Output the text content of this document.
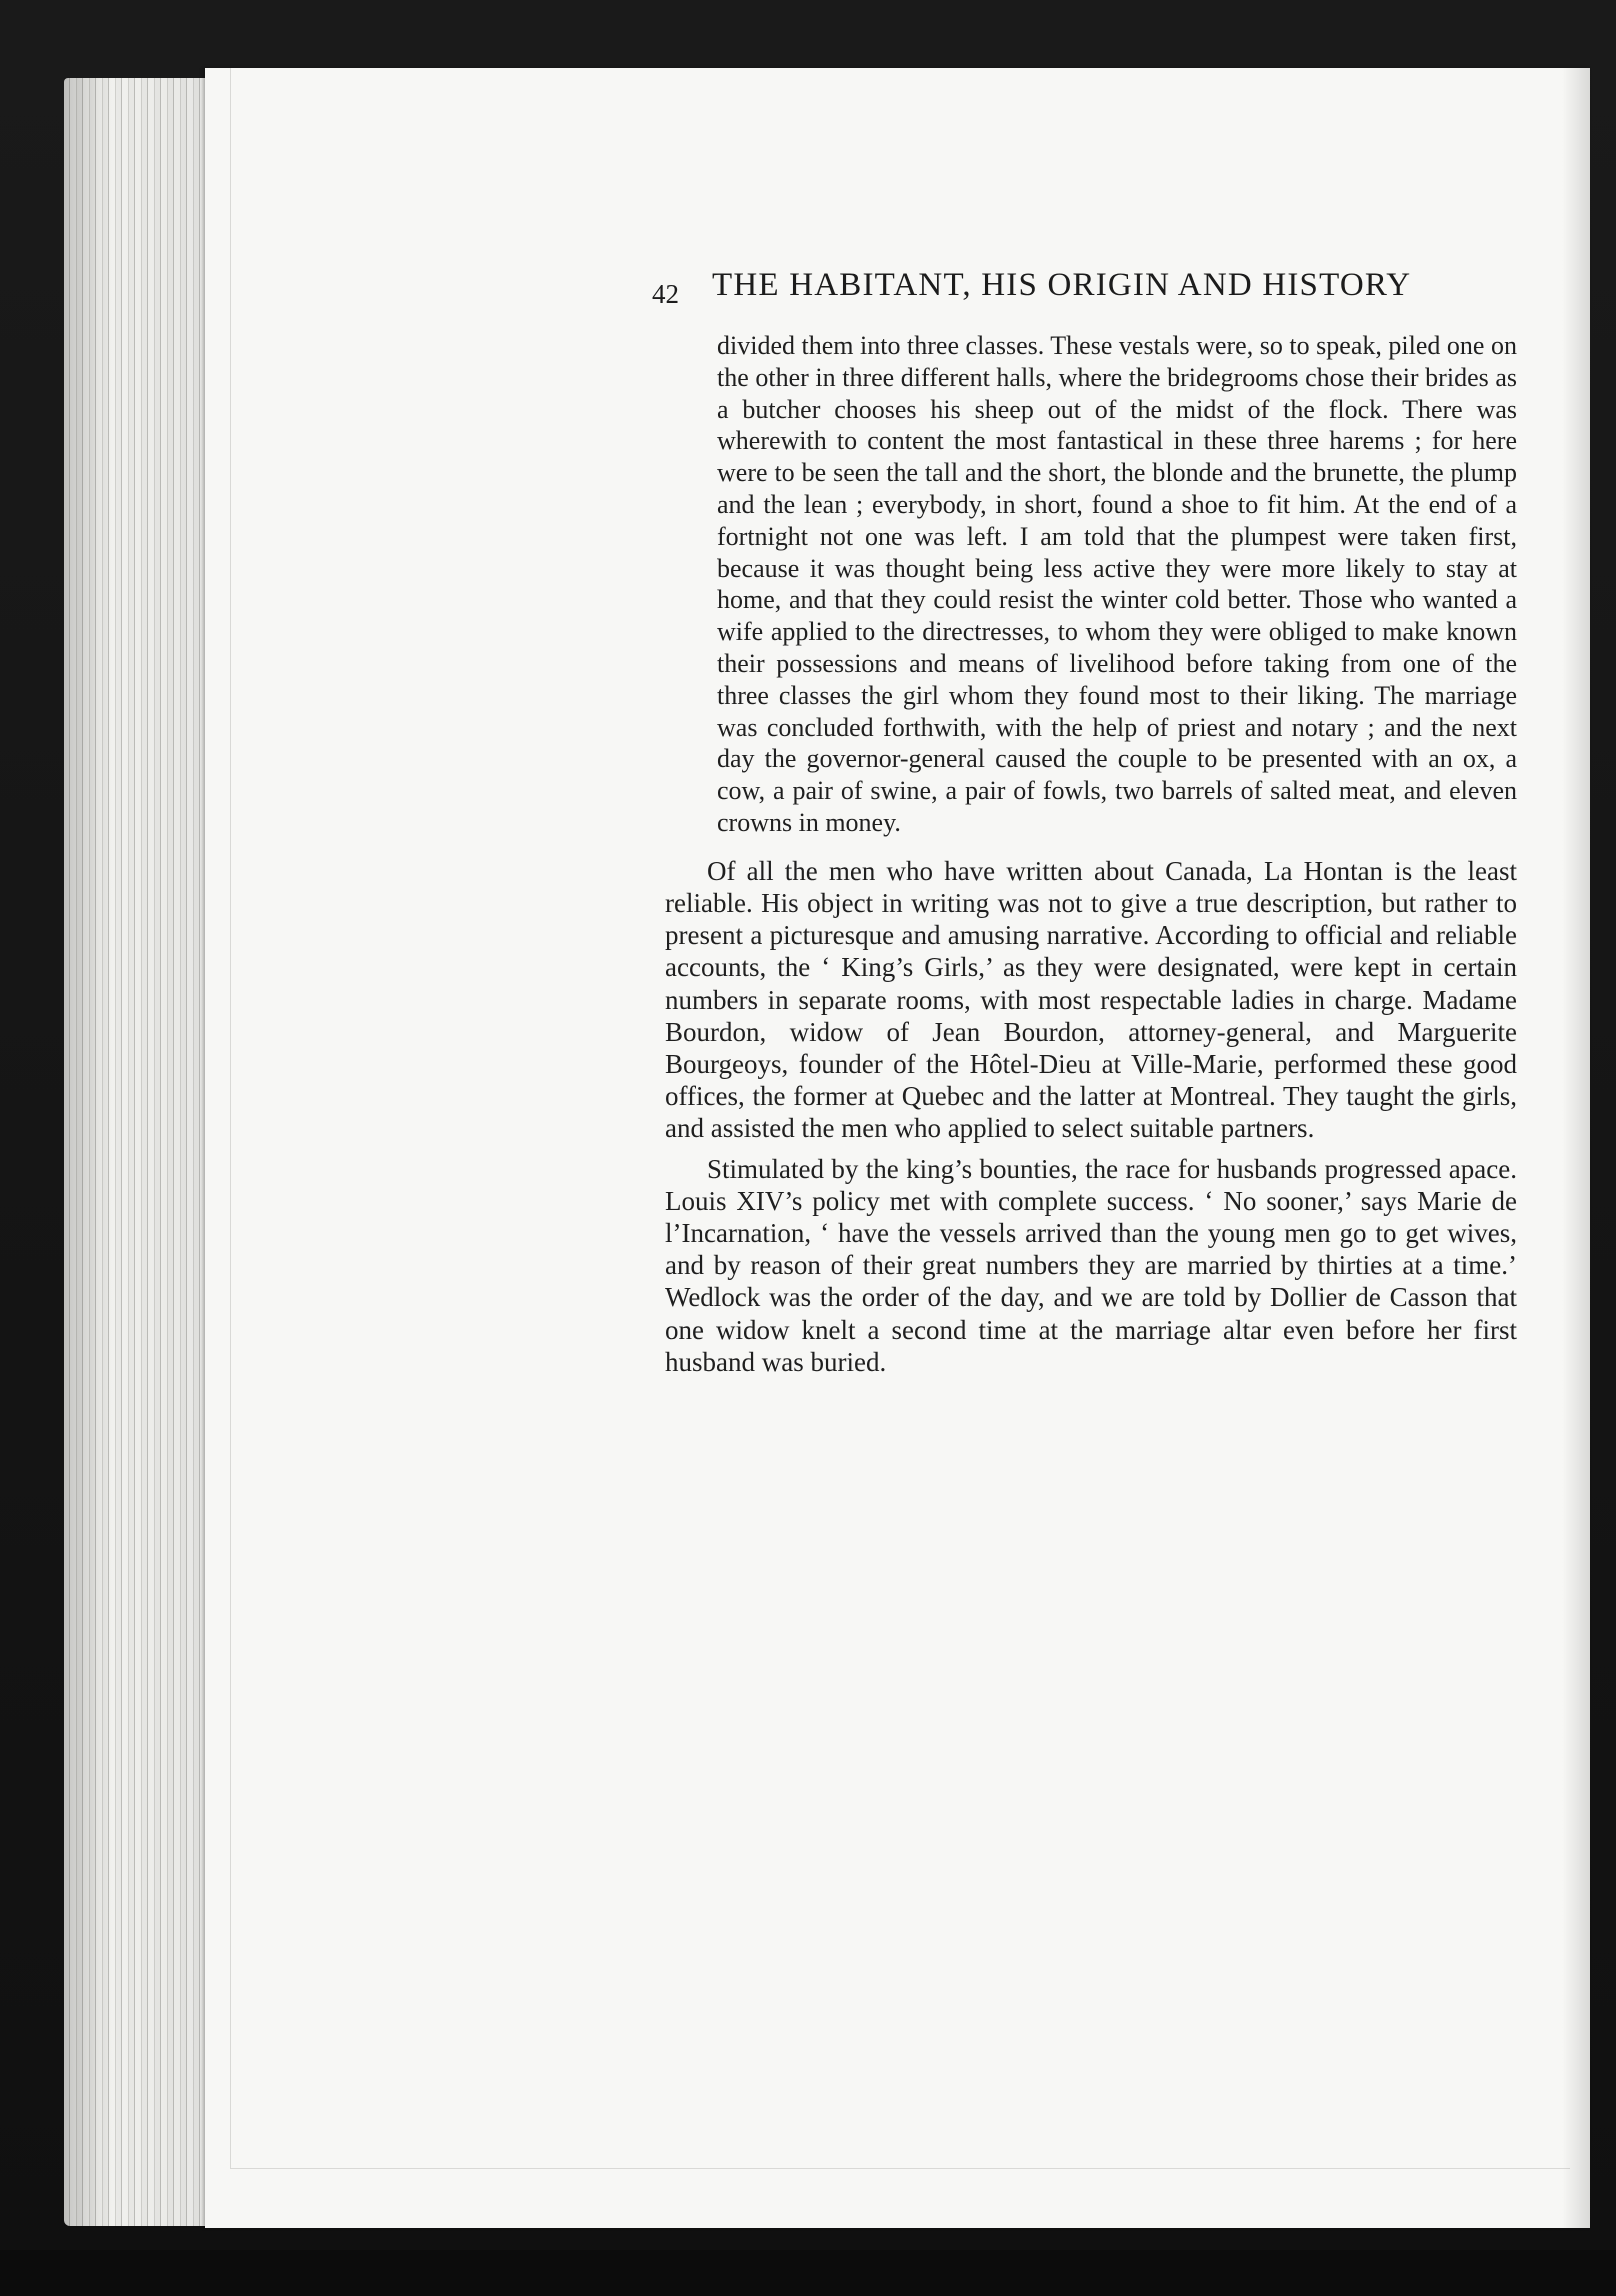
42 THE HABITANT, HIS ORIGIN AND HISTORY

divided them into three classes. These vestals were, so to speak, piled one on the other in three different halls, where the bridegrooms chose their brides as a butcher chooses his sheep out of the midst of the flock. There was wherewith to content the most fantastical in these three harems ; for here were to be seen the tall and the short, the blonde and the brunette, the plump and the lean ; everybody, in short, found a shoe to fit him. At the end of a fortnight not one was left. I am told that the plumpest were taken first, because it was thought being less active they were more likely to stay at home, and that they could resist the winter cold better. Those who wanted a wife applied to the directresses, to whom they were obliged to make known their possessions and means of livelihood before taking from one of the three classes the girl whom they found most to their liking. The marriage was concluded forthwith, with the help of priest and notary ; and the next day the governor-general caused the couple to be presented with an ox, a cow, a pair of swine, a pair of fowls, two barrels of salted meat, and eleven crowns in money.

Of all the men who have written about Canada, La Hontan is the least reliable. His object in writing was not to give a true description, but rather to present a picturesque and amusing narrative. According to official and reliable accounts, the ‘ King’s Girls,’ as they were designated, were kept in certain numbers in separate rooms, with most respectable ladies in charge. Madame Bourdon, widow of Jean Bourdon, attorney-general, and Marguerite Bourgeoys, founder of the Hôtel-Dieu at Ville-Marie, performed these good offices, the former at Quebec and the latter at Montreal. They taught the girls, and assisted the men who applied to select suitable partners.

Stimulated by the king’s bounties, the race for husbands progressed apace. Louis XIV’s policy met with complete success. ‘ No sooner,’ says Marie de l’Incarnation, ‘ have the vessels arrived than the young men go to get wives, and by reason of their great numbers they are married by thirties at a time.’ Wedlock was the order of the day, and we are told by Dollier de Casson that one widow knelt a second time at the marriage altar even before her first husband was buried.
